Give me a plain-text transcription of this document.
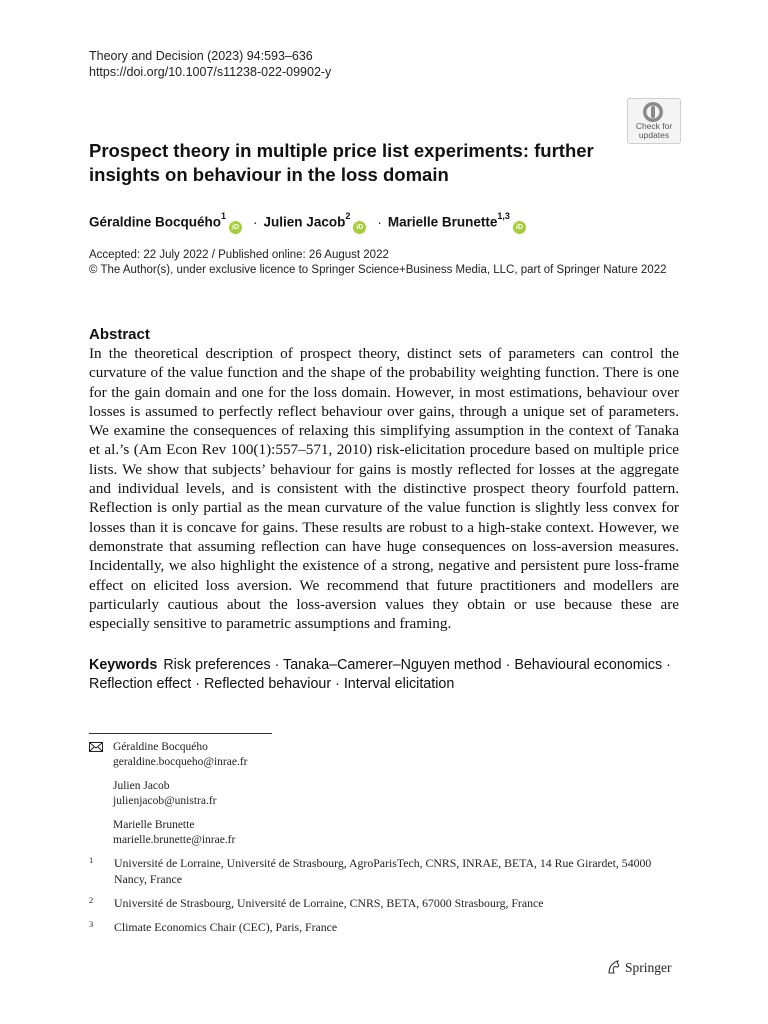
Theory and Decision (2023) 94:593–636
https://doi.org/10.1007/s11238-022-09902-y
Check for
updates
Prospect theory in multiple price list experiments: further insights on behaviour in the loss domain
Géraldine Bocquého$^1$iD · Julien Jacob$^2$iD · Marielle Brunette$^{1,3}$iD
Accepted: 22 July 2022 / Published online: 26 August 2022
© The Author(s), under exclusive licence to Springer Science+Business Media, LLC, part of Springer Nature 2022
Abstract

In the theoretical description of prospect theory, distinct sets of parameters can control the curvature of the value function and the shape of the probability weighting function. There is one for the gain domain and one for the loss domain. However, in most estimations, behaviour over losses is assumed to perfectly reflect behaviour over gains, through a unique set of parameters. We examine the consequences of relaxing this simplifying assumption in the context of Tanaka et al.’s (Am Econ Rev 100(1):557–571, 2010) risk-elicitation procedure based on multiple price lists. We show that subjects’ behaviour for gains is mostly reflected for losses at the aggregate and individual levels, and is consistent with the distinctive prospect theory fourfold pattern. Reflection is only partial as the mean curvature of the value function is slightly less convex for losses than it is concave for gains. These results are robust to a high-stake context. However, we demonstrate that assuming reflection can have huge consequences on loss-aversion measures. Incidentally, we also highlight the existence of a strong, negative and persistent pure loss-frame effect on elicited loss aversion. We recommend that future practitioners and modellers are particularly cautious about the loss-aversion values they obtain or use because these are especially sensitive to parametric assumptions and framing.

Keywords Risk preferences · Tanaka–Camerer–Nguyen method · Behavioural economics · Reflection effect · Reflected behaviour · Interval elicitation
Géraldine Bocquého
geraldine.bocqueho@inrae.fr
Julien Jacob
julienjacob@unistra.fr
Marielle Brunette
marielle.brunette@inrae.fr
1 Université de Lorraine, Université de Strasbourg, AgroParisTech, CNRS, INRAE, BETA, 14 Rue Girardet, 54000 Nancy, France
2 Université de Strasbourg, Université de Lorraine, CNRS, BETA, 67000 Strasbourg, France
3 Climate Economics Chair (CEC), Paris, France
Springer
